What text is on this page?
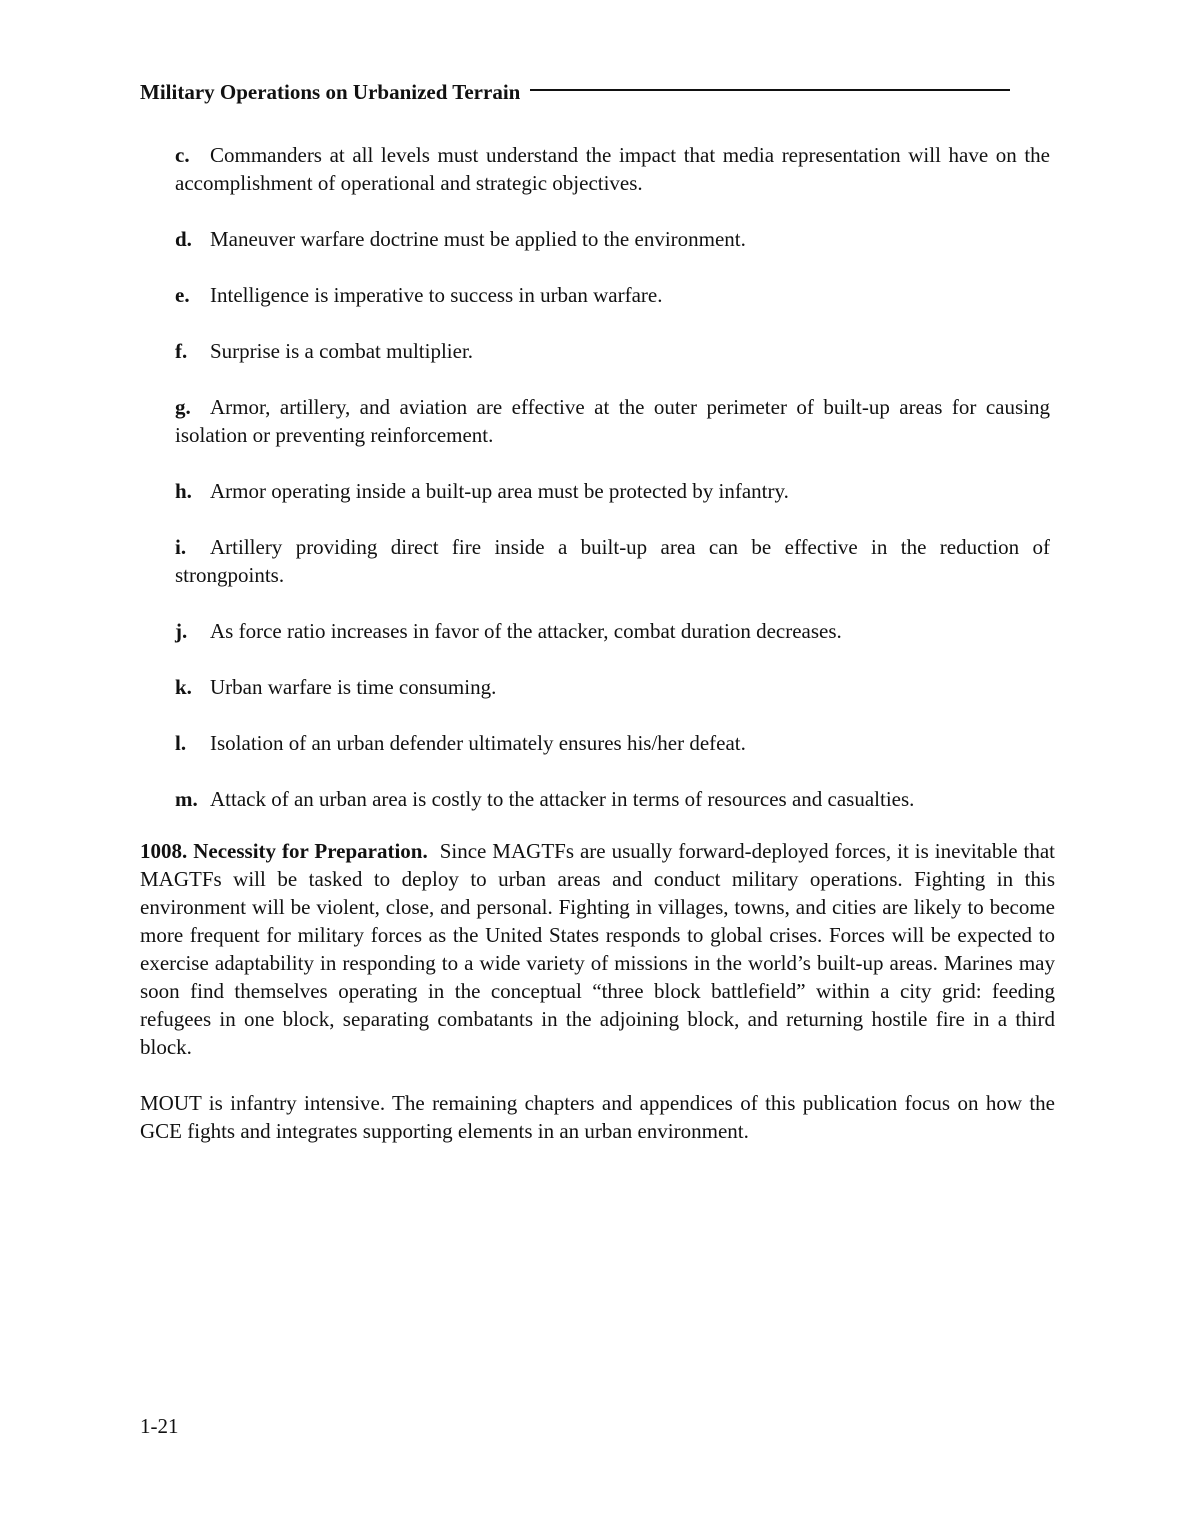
Military Operations on Urbanized Terrain
c. Commanders at all levels must understand the impact that media representation will have on the accomplishment of operational and strategic objectives.
d. Maneuver warfare doctrine must be applied to the environment.
e. Intelligence is imperative to success in urban warfare.
f. Surprise is a combat multiplier.
g. Armor, artillery, and aviation are effective at the outer perimeter of built-up areas for causing isolation or preventing reinforcement.
h. Armor operating inside a built-up area must be protected by infantry.
i. Artillery providing direct fire inside a built-up area can be effective in the reduction of strongpoints.
j. As force ratio increases in favor of the attacker, combat duration decreases.
k. Urban warfare is time consuming.
l. Isolation of an urban defender ultimately ensures his/her defeat.
m. Attack of an urban area is costly to the attacker in terms of resources and casualties.

1008. Necessity for Preparation. Since MAGTFs are usually forward-deployed forces, it is inevitable that MAGTFs will be tasked to deploy to urban areas and conduct military operations. Fighting in this environment will be violent, close, and personal. Fighting in villages, towns, and cities are likely to become more frequent for military forces as the United States responds to global crises. Forces will be expected to exercise adaptability in responding to a wide variety of missions in the world’s built-up areas. Marines may soon find themselves operating in the conceptual “three block battlefield” within a city grid: feeding refugees in one block, separating combatants in the adjoining block, and returning hostile fire in a third block.

MOUT is infantry intensive. The remaining chapters and appendices of this publication focus on how the GCE fights and integrates supporting elements in an urban environment.

1-21
